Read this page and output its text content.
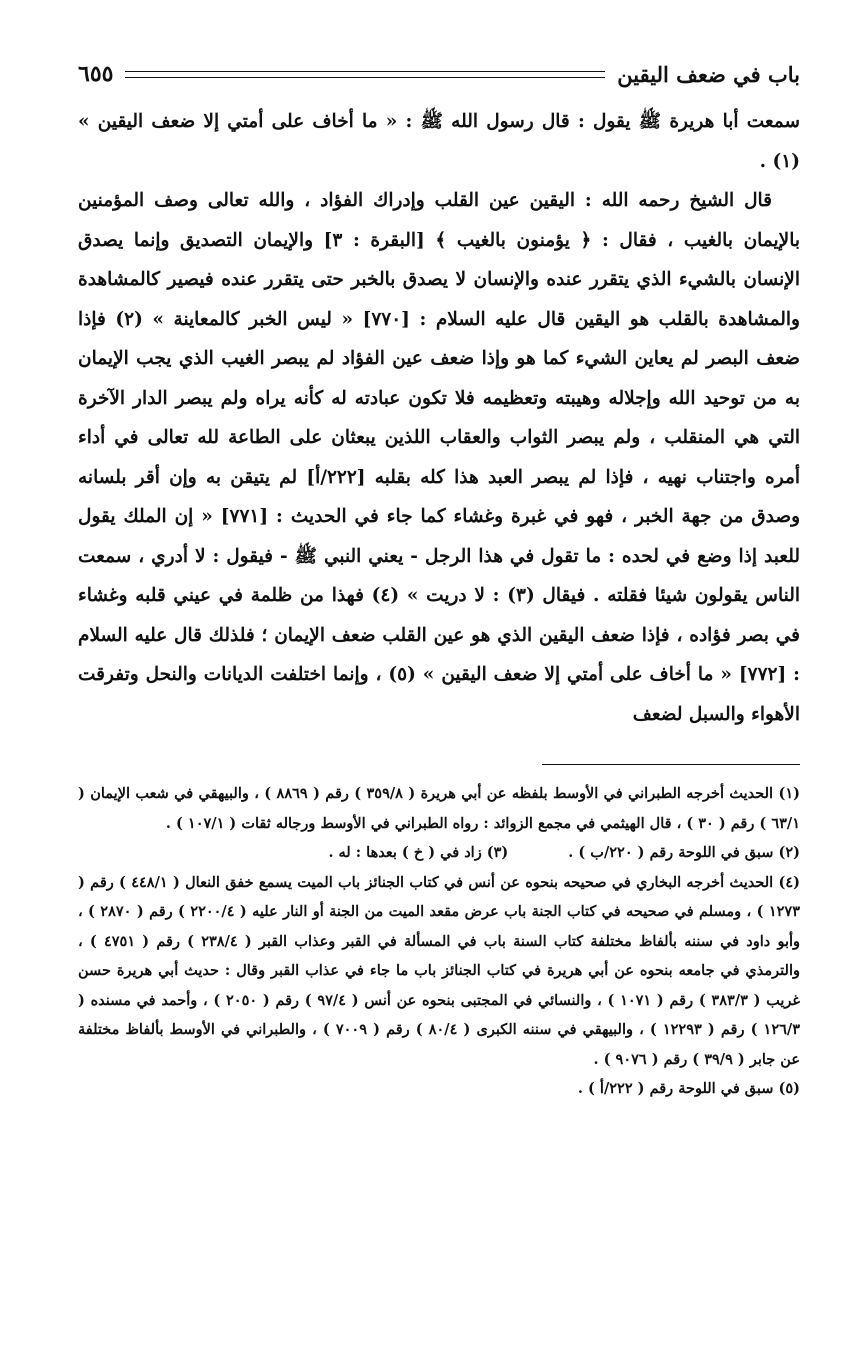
باب في ضعف اليقين
٦٥٥

سمعت أبا هريرة ﷺ يقول : قال رسول الله ﷺ : « ما أخاف على أمتي إلا ضعف اليقين » (١) .

قال الشيخ رحمه الله : اليقين عين القلب وإدراك الفؤاد ، والله تعالى وصف المؤمنين بالإيمان بالغيب ، فقال : ﴿ يؤمنون بالغيب ﴾ [البقرة : ٣] والإيمان التصديق وإنما يصدق الإنسان بالشيء الذي يتقرر عنده والإنسان لا يصدق بالخبر حتى يتقرر عنده فيصير كالمشاهدة والمشاهدة بالقلب هو اليقين قال عليه السلام : [٧٧٠] « ليس الخبر كالمعاينة » (٢) فإذا ضعف البصر لم يعاين الشيء كما هو وإذا ضعف عين الفؤاد لم يبصر الغيب الذي يجب الإيمان به من توحيد الله وإجلاله وهيبته وتعظيمه فلا تكون عبادته له كأنه يراه ولم يبصر الدار الآخرة التي هي المنقلب ، ولم يبصر الثواب والعقاب اللذين يبعثان على الطاعة لله تعالى في أداء أمره واجتناب نهيه ، فإذا لم يبصر العبد هذا كله بقلبه [٢٢٢/أ] لم يتيقن به وإن أقر بلسانه وصدق من جهة الخبر ، فهو في غبرة وغشاء كما جاء في الحديث : [٧٧١] « إن الملك يقول للعبد إذا وضع في لحده : ما تقول في هذا الرجل - يعني النبي ﷺ - فيقول : لا أدري ، سمعت الناس يقولون شيئا فقلته . فيقال (٣) : لا دريت » (٤) فهذا من ظلمة في عيني قلبه وغشاء في بصر فؤاده ، فإذا ضعف اليقين الذي هو عين القلب ضعف الإيمان ؛ فلذلك قال عليه السلام : [٧٧٢] « ما أخاف على أمتي إلا ضعف اليقين » (٥) ، وإنما اختلفت الديانات والنحل وتفرقت الأهواء والسبل لضعف

(١) الحديث أخرجه الطبراني في الأوسط بلفظه عن أبي هريرة ( ٣٥٩/٨ ) رقم ( ٨٨٦٩ ) ، والبيهقي في شعب الإيمان ( ٦٣/١ ) رقم ( ٣٠ ) ، قال الهيثمي في مجمع الزوائد : رواه الطبراني في الأوسط ورجاله ثقات ( ١٠٧/١ ) .

(٢) سبق في اللوحة رقم ( ٢٢٠/ب ) .
(٣) زاد في ( خ ) بعدها : له .

(٤) الحديث أخرجه البخاري في صحيحه بنحوه عن أنس في كتاب الجنائز باب الميت يسمع خفق النعال ( ٤٤٨/١ ) رقم ( ١٢٧٣ ) ، ومسلم في صحيحه في كتاب الجنة باب عرض مقعد الميت من الجنة أو النار عليه ( ٢٢٠٠/٤ ) رقم ( ٢٨٧٠ ) ، وأبو داود في سننه بألفاظ مختلفة كتاب السنة باب في المسألة في القبر وعذاب القبر ( ٢٣٨/٤ ) رقم ( ٤٧٥١ ) ، والترمذي في جامعه بنحوه عن أبي هريرة في كتاب الجنائز باب ما جاء في عذاب القبر وقال : حديث أبي هريرة حسن غريب ( ٣٨٣/٣ ) رقم ( ١٠٧١ ) ، والنسائي في المجتبى بنحوه عن أنس ( ٩٧/٤ ) رقم ( ٢٠٥٠ ) ، وأحمد في مسنده ( ١٢٦/٣ ) رقم ( ١٢٢٩٣ ) ، والبيهقي في سننه الكبرى ( ٨٠/٤ ) رقم ( ٧٠٠٩ ) ، والطبراني في الأوسط بألفاظ مختلفة عن جابر ( ٣٩/٩ ) رقم ( ٩٠٧٦ ) .

(٥) سبق في اللوحة رقم ( ٢٢٢/أ ) .
